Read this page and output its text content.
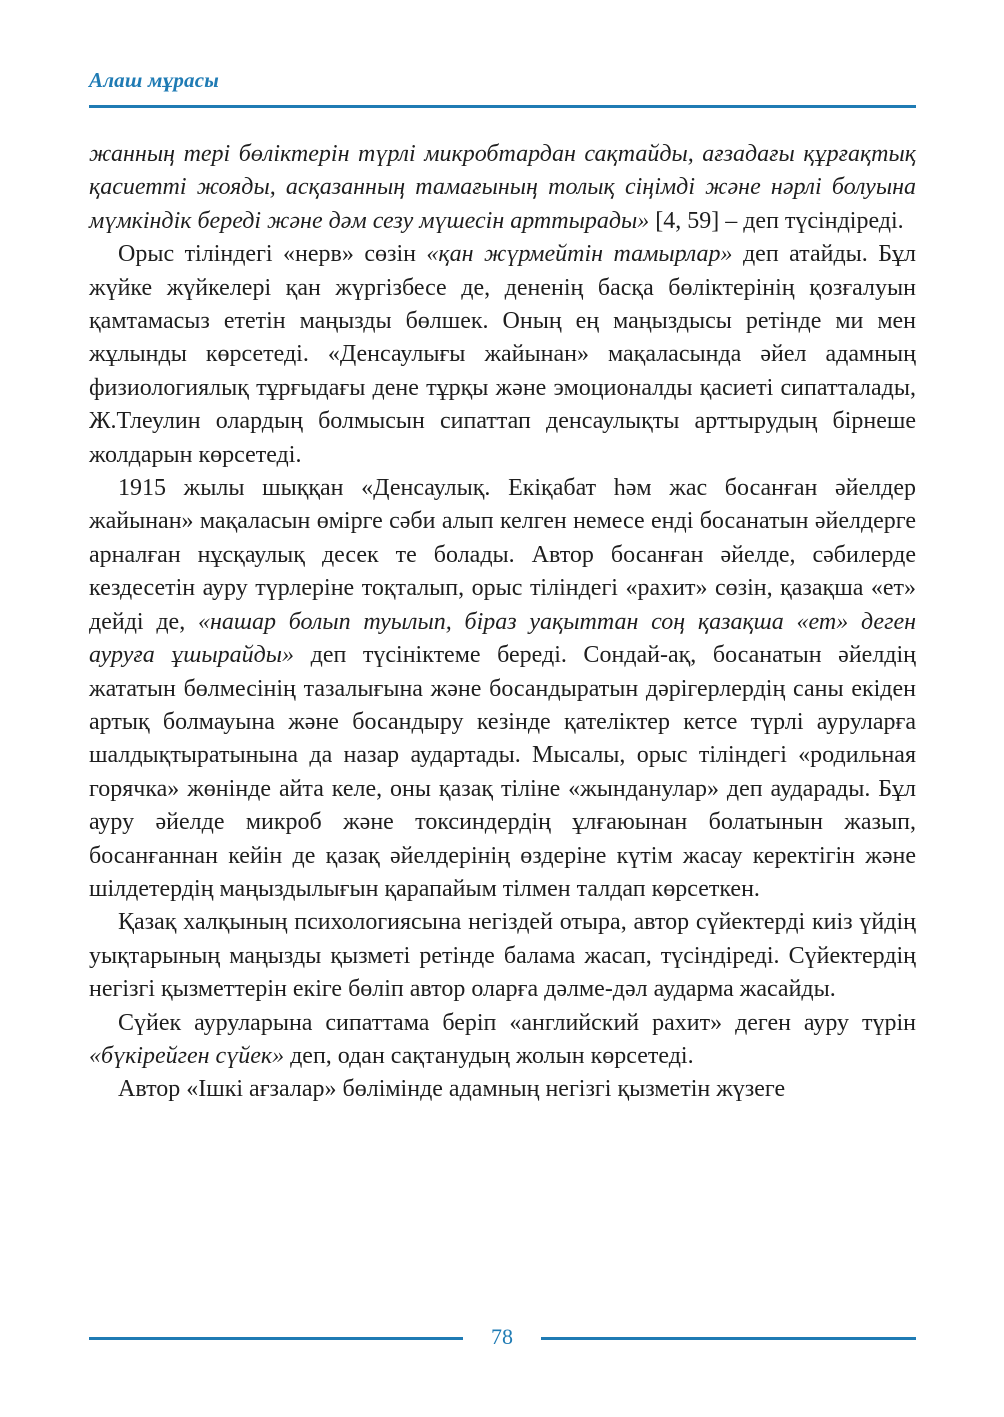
Алаш мұрасы

жанның тері бөліктерін түрлі микробтардан сақтайды, ағзадағы құрғақтық қасиетті жояды, асқазанның тамағының толық сіңімді және нәрлі болуына мүмкіндік береді және дәм сезу мүшесін арттырады» [4, 59] – деп түсіндіреді.

Орыс тіліндегі «нерв» сөзін «қан жүрмейтін тамырлар» деп атайды. Бұл жүйке жүйкелері қан жүргізбесе де, дененің басқа бөліктерінің қозғалуын қамтамасыз ететін маңызды бөлшек. Оның ең маңыздысы ретінде ми мен жұлынды көрсетеді. «Денсаулығы жайынан» мақаласында әйел адамның физиологиялық тұрғыдағы дене тұрқы және эмоционалды қасиеті сипатталады, Ж.Тлеулин олардың болмысын сипаттап денсаулықты арттырудың бірнеше жолдарын көрсетеді.

1915 жылы шыққан «Денсаулық. Екіқабат һәм жас босанған әйелдер жайынан» мақаласын өмірге сәби алып келген немесе енді босанатын әйелдерге арналған нұсқаулық десек те болады. Автор босанған әйелде, сәбилерде кездесетін ауру түрлеріне тоқталып, орыс тіліндегі «рахит» сөзін, қазақша «ет» дейді де, «нашар болып туылып, біраз уақыттан соң қазақша «ет» деген ауруға ұшырайды» деп түсініктеме береді. Сондай-ақ, босанатын әйелдің жататын бөлмесінің тазалығына және босандыратын дәрігерлердің саны екіден артық болмауына және босандыру кезінде қателіктер кетсе түрлі ауруларға шалдықтыратынына да назар аудартады. Мысалы, орыс тіліндегі «родильная горячка» жөнінде айта келе, оны қазақ тіліне «жынданулар» деп аударады. Бұл ауру әйелде микроб және токсиндердің ұлғаюынан болатынын жазып, босанғаннан кейін де қазақ әйелдерінің өздеріне күтім жасау керектігін және шілдетердің маңыздылығын қарапайым тілмен талдап көрсеткен.

Қазақ халқының психологиясына негіздей отыра, автор сүйектерді киіз үйдің уықтарының маңызды қызметі ретінде балама жасап, түсіндіреді. Сүйектердің негізгі қызметтерін екіге бөліп автор оларға дәлме-дәл аударма жасайды.

Сүйек ауруларына сипаттама беріп «английский рахит» деген ауру түрін «бүкірейген сүйек» деп, одан сақтанудың жолын көрсетеді.

Автор «Ішкі ағзалар» бөлімінде адамның негізгі қызметін жүзеге

78
